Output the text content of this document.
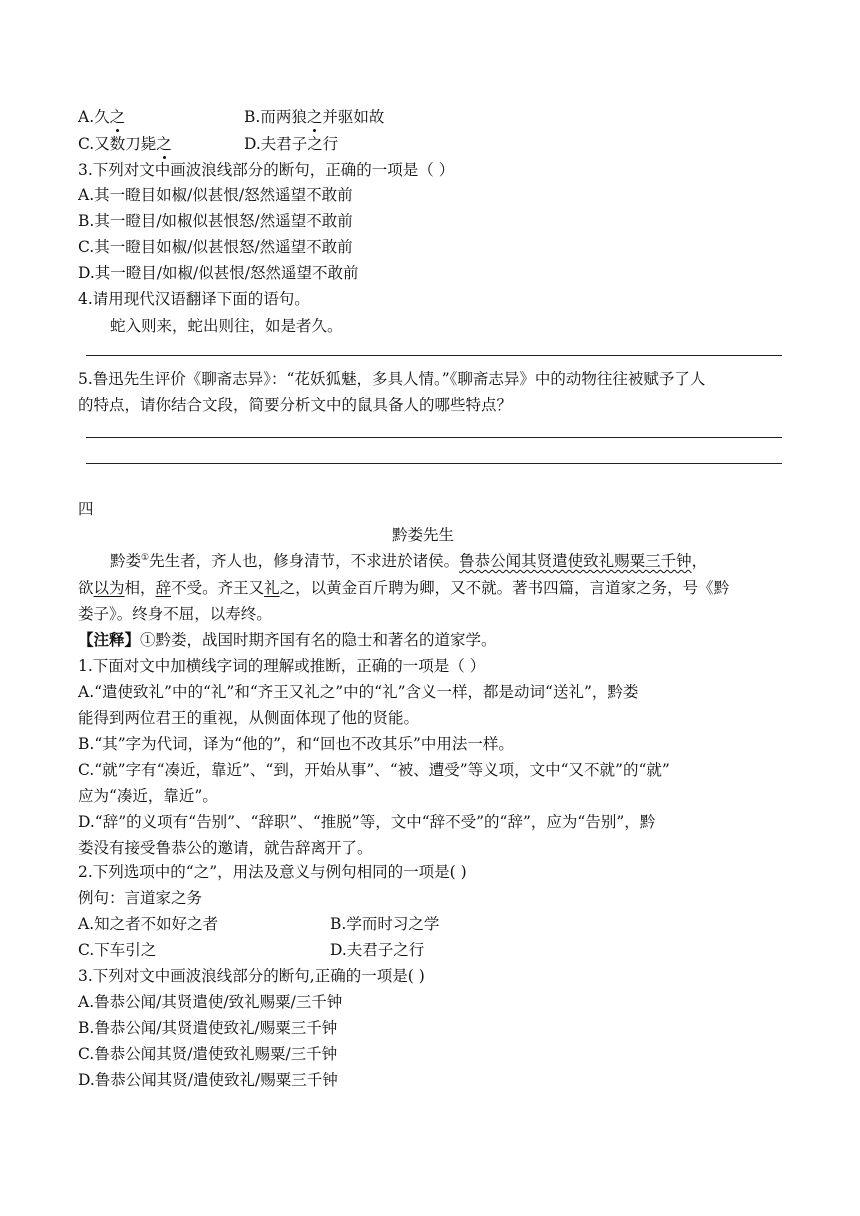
A.久之	B.而两狼之并驱如故
C.又数刀毙之	D.夫君子之行
3.下列对文中画波浪线部分的断句，正确的一项是（ ）
A.其一瞪目如椒/似甚恨/怒然遥望不敢前
B.其一瞪目/如椒似甚恨怒/然遥望不敢前
C.其一瞪目如椒/似甚恨怒/然遥望不敢前
D.其一瞪目/如椒/似甚恨/怒然遥望不敢前
4.请用现代汉语翻译下面的语句。
蛇入则来，蛇出则往，如是者久。
5.鲁迅先生评价《聊斋志异》：“花妖狐魅，多具人情。”《聊斋志异》中的动物往往被赋予了人
的特点，请你结合文段，简要分析文中的鼠具备人的哪些特点？
四
黔娄先生
黔娄①先生者，齐人也，修身清节，不求进於诸侯。鲁恭公闻其贤遣使致礼赐粟三千钟，
欲以为相，辞不受。齐王又礼之，以黄金百斤聘为卿，又不就。著书四篇，言道家之务，号《黔
娄子》。终身不屈，以寿终。
【注释】①黔娄，战国时期齐国有名的隐士和著名的道家学。
1.下面对文中加横线字词的理解或推断，正确的一项是（ ）
A.“遣使致礼”中的“礼”和“齐王又礼之”中的“礼”含义一样，都是动词“送礼”，黔娄
能得到两位君王的重视，从侧面体现了他的贤能。
B.“其”字为代词，译为“他的”，和“回也不改其乐”中用法一样。
C.“就”字有“凑近，靠近”、“到，开始从事”、“被、遭受”等义项，文中“又不就”的“就”
应为“凑近，靠近”。
D.“辞”的义项有“告别”、“辞职”、“推脱”等，文中“辞不受”的“辞”，应为“告别”，黔
娄没有接受鲁恭公的邀请，就告辞离开了。
2.下列选项中的“之”，用法及意义与例句相同的一项是( )
例句：言道家之务
A.知之者不如好之者	B.学而时习之学
C.下车引之	D.夫君子之行
3.下列对文中画波浪线部分的断句,正确的一项是( )
A.鲁恭公闻/其贤遣使/致礼赐粟/三千钟
B.鲁恭公闻/其贤遣使致礼/赐粟三千钟
C.鲁恭公闻其贤/遣使致礼赐粟/三千钟
D.鲁恭公闻其贤/遣使致礼/赐粟三千钟
